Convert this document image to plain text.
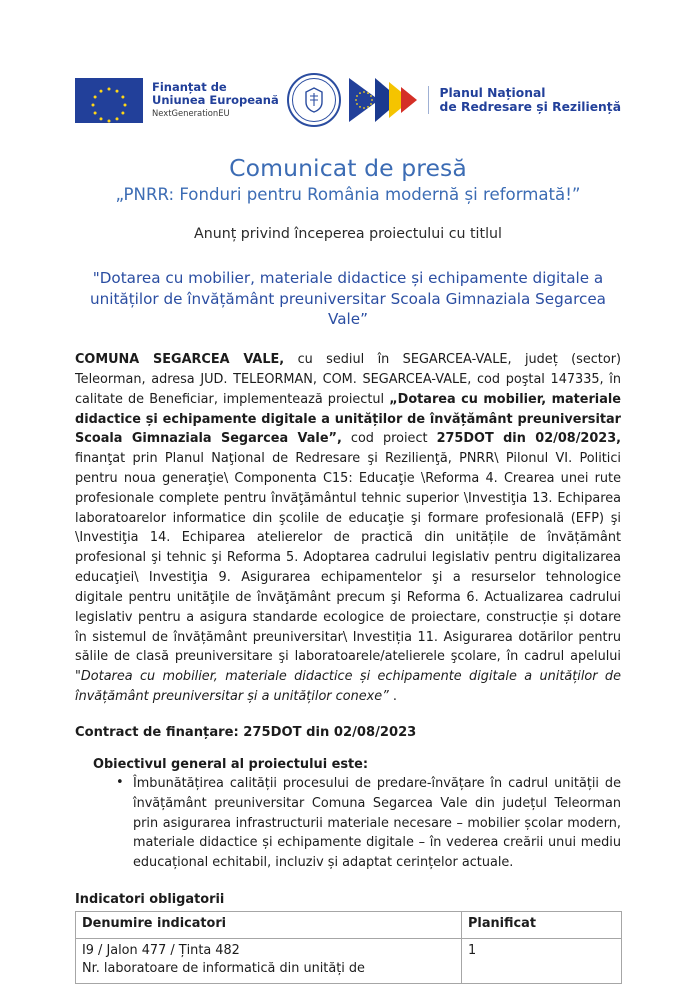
Finanțat de
Uniunea Europeană
NextGenerationEU
Planul Național
de Redresare și Reziliență
Comunicat de presă
„PNRR: Fonduri pentru România modernă și reformată!”
Anunț privind începerea proiectului cu titlul
"Dotarea cu mobilier, materiale didactice și echipamente digitale a unităților de învățământ preuniversitar Scoala Gimnaziala Segarcea Vale”
COMUNA SEGARCEA VALE, cu sediul în SEGARCEA-VALE, județ (sector) Teleorman, adresa JUD. TELEORMAN, COM. SEGARCEA-VALE, cod poştal 147335, în calitate de Beneficiar, implementează proiectul „Dotarea cu mobilier, materiale didactice și echipamente digitale a unităților de învățământ preuniversitar Scoala Gimnaziala Segarcea Vale”, cod proiect 275DOT din 02/08/2023, finanţat prin Planul Naţional de Redresare şi Rezilienţă, PNRR\ Pilonul VI. Politici pentru noua generaţie\ Componenta C15: Educaţie \Reforma 4. Crearea unei rute profesionale complete pentru învăţământul tehnic superior \Investiţia 13. Echiparea laboratoarelor informatice din şcolile de educaţie şi formare profesională (EFP) şi \Investiţia 14. Echiparea atelierelor de practică din unitățile de învățământ profesional şi tehnic şi Reforma 5. Adoptarea cadrului legislativ pentru digitalizarea educaţiei\ Investiţia 9. Asigurarea echipamentelor şi a resurselor tehnologice digitale pentru unităţile de învăţământ precum şi Reforma 6. Actualizarea cadrului legislativ pentru a asigura standarde ecologice de proiectare, construcție și dotare în sistemul de învățământ preuniversitar\ Investiția 11. Asigurarea dotărilor pentru sălile de clasă preuniversitare şi laboratoarele/atelierele şcolare, în cadrul apelului "Dotarea cu mobilier, materiale didactice și echipamente digitale a unităților de învățământ preuniversitar și a unităților conexe” .
Contract de finanțare: 275DOT din 02/08/2023
Obiectivul general al proiectului este:
• Îmbunătățirea calității procesului de predare-învățare în cadrul unității de învățământ preuniversitar Comuna Segarcea Vale din județul Teleorman prin asigurarea infrastructurii materiale necesare – mobilier școlar modern, materiale didactice și echipamente digitale – în vederea creării unui mediu educațional echitabil, incluziv și adaptat cerințelor actuale.
Indicatori obligatorii
Denumire indicatori	Planificat

I9 / Jalon 477 / Ținta 482
Nr. laboratoare de informatică din unități de	1
